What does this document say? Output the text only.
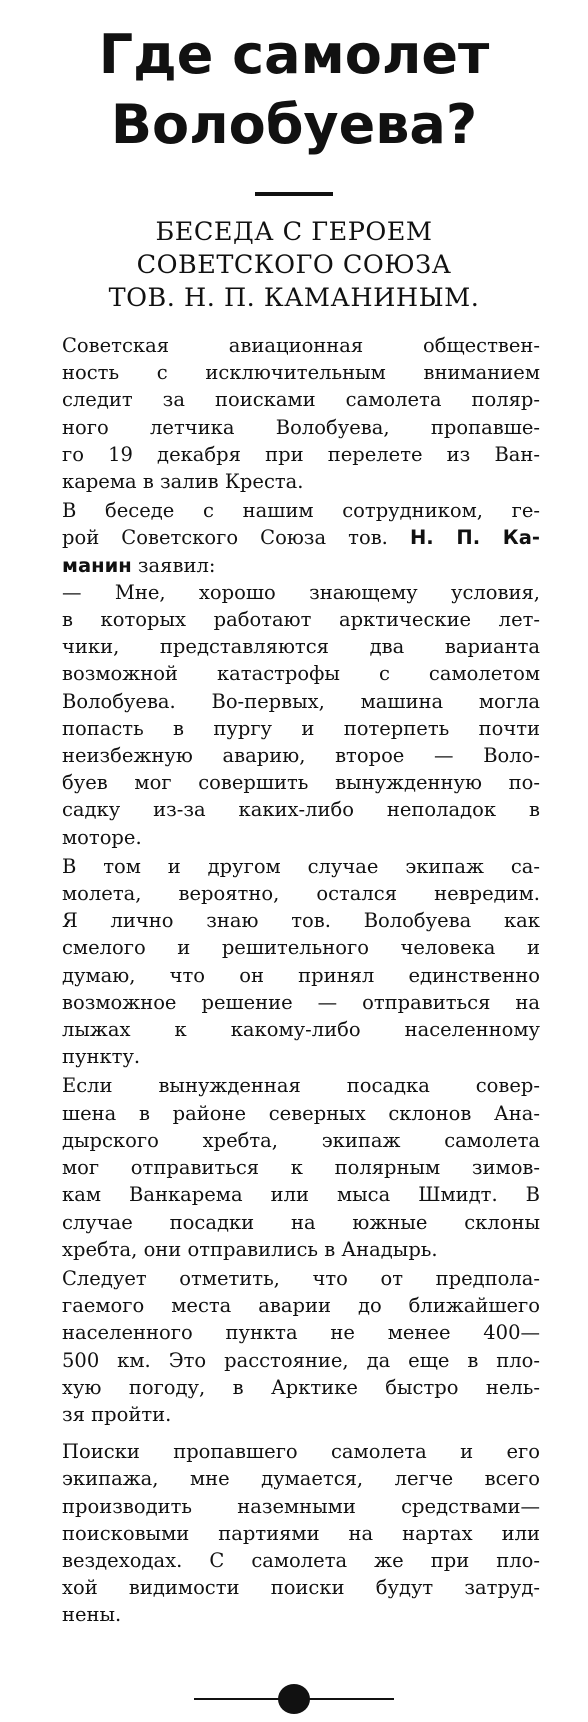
Где самолет
Волобуева?
БЕСЕДА С ГЕРОЕМ
СОВЕТСКОГО СОЮЗА
ТОВ. Н. П. КАМАНИНЫМ.

Советская авиационная обществен-
ность с исключительным вниманием
следит за поисками самолета поляр-
ного летчика Волобуева, пропавше-
го 19 декабря при перелете из Ван-
карема в залив Креста.

В беседе с нашим сотрудником, ге-
рой Советского Союза тов. Н. П. Ка-
манин заявил:
— Мне, хорошо знающему условия,
в которых работают арктические лет-
чики, представляются два варианта
возможной катастрофы с самолетом
Волобуева. Во-первых, машина могла
попасть в пургу и потерпеть почти
неизбежную аварию, второе — Воло-
буев мог совершить вынужденную по-
садку из-за каких-либо неполадок в
моторе.

В том и другом случае экипаж са-
молета, вероятно, остался невредим.
Я лично знаю тов. Волобуева как
смелого и решительного человека и
думаю, что он принял единственно
возможное решение — отправиться на
лыжах к какому-либо населенному
пункту.

Если вынужденная посадка совер-
шена в районе северных склонов Ана-
дырского хребта, экипаж самолета
мог отправиться к полярным зимов-
кам Ванкарема или мыса Шмидт. В
случае посадки на южные склоны
хребта, они отправились в Анадырь.

Следует отметить, что от предпола-
гаемого места аварии до ближайшего
населенного пункта не менее 400—
500 км. Это расстояние, да еще в пло-
хую погоду, в Арктике быстро нель-
зя пройти.

Поиски пропавшего самолета и его
экипажа, мне думается, легче всего
производить наземными средствами—
поисковыми партиями на нартах или
вездеходах. С самолета же при пло-
хой видимости поиски будут затруд-
нены.
